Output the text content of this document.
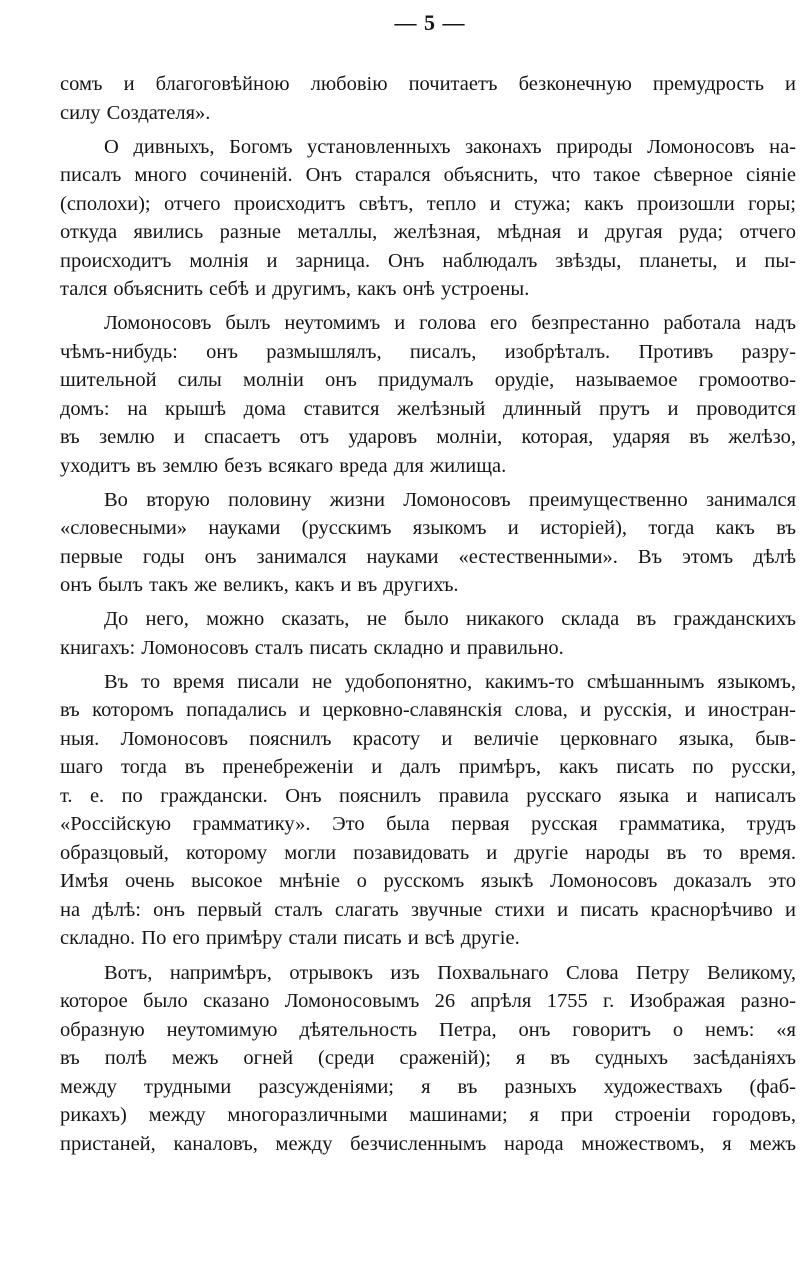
— 5 —
сомъ и благоговѣйною любовiю почитаетъ безконечную премудрость и
силу Создателя».
О дивныхъ, Богомъ установленныхъ законахъ природы Ломоносовъ на-
писалъ много сочиненій. Онъ старался объяснить, что такое сѣверное сiянiе
(сполохи); отчего происходитъ свѣтъ, тепло и стужа; какъ произошли горы;
откуда явились разные металлы, желѣзная, мѣдная и другая руда; отчего
происходитъ молнiя и зарница. Онъ наблюдалъ звѣзды, планеты, и пы-
тался объяснить себѣ и другимъ, какъ онѣ устроены.
Ломоносовъ былъ неутомимъ и голова его безпрестанно работала надъ
чѣмъ-нибудь: онъ размышлялъ, писалъ, изобрѣталъ. Противъ разру-
шительной силы молнiи онъ придумалъ орудiе, называемое громоотво-
домъ: на крышѣ дома ставится желѣзный длинный прутъ и проводится
въ землю и спасаетъ отъ ударовъ молнiи, которая, ударяя въ желѣзо,
уходитъ въ землю безъ всякаго вреда для жилища.
Во вторую половину жизни Ломоносовъ преимущественно занимался
«словесными» науками (русскимъ языкомъ и исторiей), тогда какъ въ
первые годы онъ занимался науками «естественными». Въ этомъ дѣлѣ
онъ былъ такъ же великъ, какъ и въ другихъ.
До него, можно сказать, не было никакого склада въ гражданскихъ
книгахъ: Ломоносовъ сталъ писать складно и правильно.
Въ то время писали не удобопонятно, какимъ-то смѣшаннымъ языкомъ,
въ которомъ попадались и церковно-славянскiя слова, и русскiя, и иностран-
ныя. Ломоносовъ пояснилъ красоту и величiе церковнаго языка, быв-
шаго тогда въ пренебреженiи и далъ примѣръ, какъ писать по русски,
т. е. по граждански. Онъ пояснилъ правила русскаго языка и написалъ
«Россiйскую грамматику». Это была первая русская грамматика, трудъ
образцовый, которому могли позавидовать и другiе народы въ то время.
Имѣя очень высокое мнѣнiе о русскомъ языкѣ Ломоносовъ доказалъ это
на дѣлѣ: онъ первый сталъ слагать звучные стихи и писать краснорѣчиво и
складно. По его примѣру стали писать и всѣ другiе.
Вотъ, напримѣръ, отрывокъ изъ Похвальнаго Слова Петру Великому,
которое было сказано Ломоносовымъ 26 апрѣля 1755 г. Изображая разно-
образную неутомимую дѣятельность Петра, онъ говоритъ о немъ: «я
въ полѣ межъ огней (среди сраженій); я въ судныхъ засѣданiяхъ
между трудными разсужденiями; я въ разныхъ художествахъ (фаб-
рикахъ) между многоразличными машинами; я при строенiи городовъ,
пристаней, каналовъ, между безчисленнымъ народа множествомъ, я межъ
